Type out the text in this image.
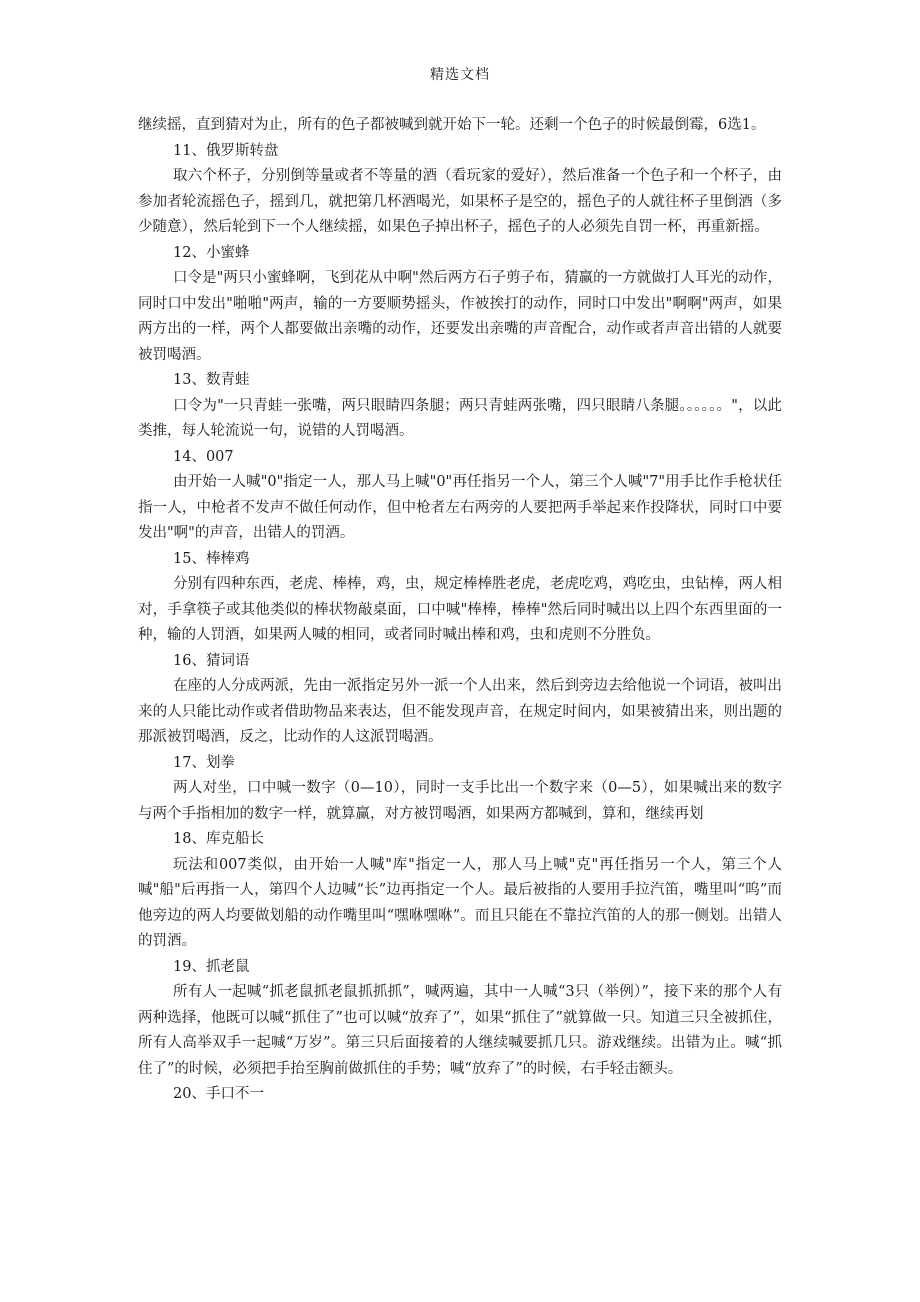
精选文档

继续摇，直到猜对为止，所有的色子都被喊到就开始下一轮。还剩一个色子的时候最倒霉，6选1。

11、俄罗斯转盘

取六个杯子，分别倒等量或者不等量的酒（看玩家的爱好），然后准备一个色子和一个杯子，由参加者轮流摇色子，摇到几，就把第几杯酒喝光，如果杯子是空的，摇色子的人就往杯子里倒酒（多少随意），然后轮到下一个人继续摇，如果色子掉出杯子，摇色子的人必须先自罚一杯，再重新摇。

12、小蜜蜂

口令是"两只小蜜蜂啊，飞到花从中啊"然后两方石子剪子布，猜赢的一方就做打人耳光的动作，同时口中发出"啪啪"两声，输的一方要顺势摇头，作被挨打的动作，同时口中发出"啊啊"两声，如果两方出的一样，两个人都要做出亲嘴的动作，还要发出亲嘴的声音配合，动作或者声音出错的人就要被罚喝酒。

13、数青蛙

口令为"一只青蛙一张嘴，两只眼睛四条腿；两只青蛙两张嘴，四只眼睛八条腿。。。。。。"，以此类推，每人轮流说一句，说错的人罚喝酒。

14、007

由开始一人喊"0"指定一人，那人马上喊"0"再任指另一个人，第三个人喊"7"用手比作手枪状任指一人，中枪者不发声不做任何动作，但中枪者左右两旁的人要把两手举起来作投降状，同时口中要发出"啊"的声音，出错人的罚酒。

15、棒棒鸡

分别有四种东西，老虎、棒棒，鸡，虫，规定棒棒胜老虎，老虎吃鸡，鸡吃虫，虫钻棒，两人相对，手拿筷子或其他类似的棒状物敲桌面，口中喊"棒棒，棒棒"然后同时喊出以上四个东西里面的一种，输的人罚酒，如果两人喊的相同，或者同时喊出棒和鸡，虫和虎则不分胜负。

16、猜词语

在座的人分成两派，先由一派指定另外一派一个人出来，然后到旁边去给他说一个词语，被叫出来的人只能比动作或者借助物品来表达，但不能发现声音，在规定时间内，如果被猜出来，则出题的那派被罚喝酒，反之，比动作的人这派罚喝酒。

17、划拳

两人对坐，口中喊一数字（0—10），同时一支手比出一个数字来（0—5），如果喊出来的数字与两个手指相加的数字一样，就算赢，对方被罚喝酒，如果两方都喊到，算和，继续再划

18、库克船长

玩法和007类似，由开始一人喊"库"指定一人，那人马上喊"克"再任指另一个人，第三个人喊"船"后再指一人，第四个人边喊“长”边再指定一个人。最后被指的人要用手拉汽笛，嘴里叫“呜”而他旁边的两人均要做划船的动作嘴里叫“嘿咻嘿咻”。而且只能在不靠拉汽笛的人的那一侧划。出错人的罚酒。

19、抓老鼠

所有人一起喊“抓老鼠抓老鼠抓抓抓”，喊两遍，其中一人喊“3只（举例）”，接下来的那个人有两种选择，他既可以喊“抓住了”也可以喊“放弃了”，如果“抓住了”就算做一只。知道三只全被抓住，所有人高举双手一起喊“万岁”。第三只后面接着的人继续喊要抓几只。游戏继续。出错为止。喊“抓住了”的时候，必须把手抬至胸前做抓住的手势；喊“放弃了”的时候，右手轻击额头。

20、手口不一
